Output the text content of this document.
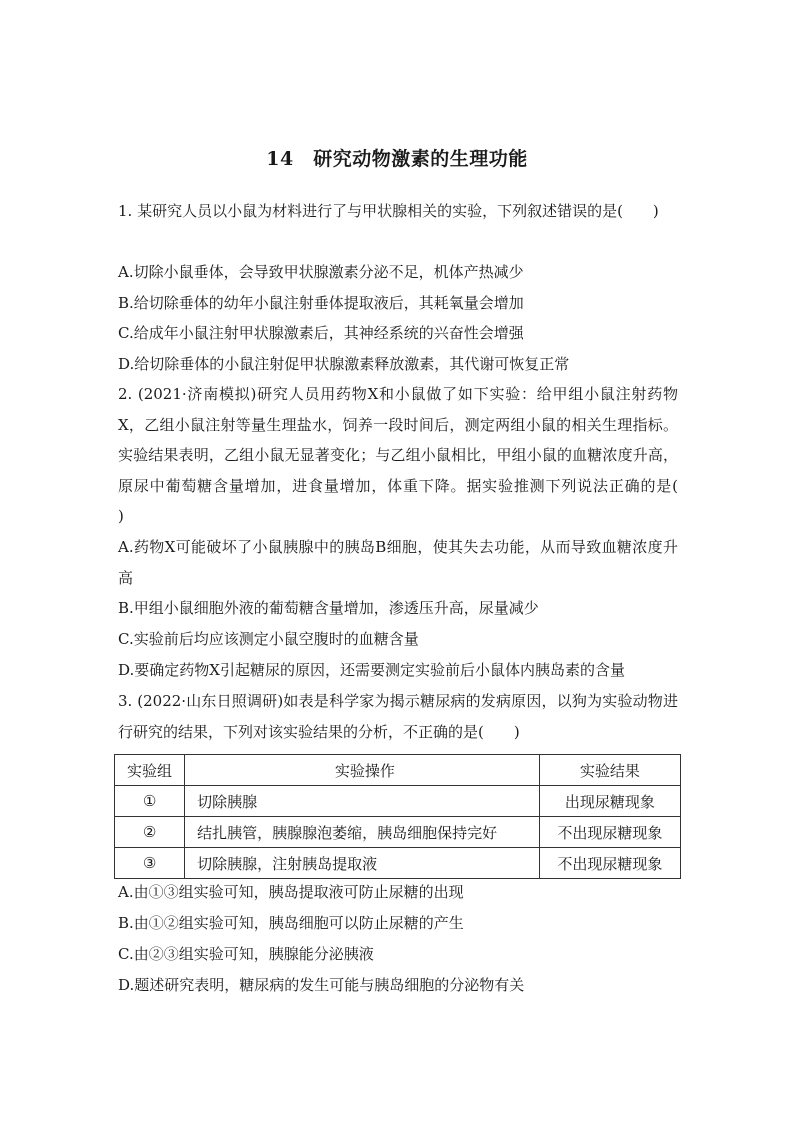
14　研究动物激素的生理功能

1. 某研究人员以小鼠为材料进行了与甲状腺相关的实验，下列叙述错误的是(　　)

A.切除小鼠垂体，会导致甲状腺激素分泌不足，机体产热减少
B.给切除垂体的幼年小鼠注射垂体提取液后，其耗氧量会增加
C.给成年小鼠注射甲状腺激素后，其神经系统的兴奋性会增强
D.给切除垂体的小鼠注射促甲状腺激素释放激素，其代谢可恢复正常

2. (2021·济南模拟)研究人员用药物X和小鼠做了如下实验：给甲组小鼠注射药物X，乙组小鼠注射等量生理盐水，饲养一段时间后，测定两组小鼠的相关生理指标。实验结果表明，乙组小鼠无显著变化；与乙组小鼠相比，甲组小鼠的血糖浓度升高，原尿中葡萄糖含量增加，进食量增加，体重下降。据实验推测下列说法正确的是(　　)

A.药物X可能破坏了小鼠胰腺中的胰岛B细胞，使其失去功能，从而导致血糖浓度升高
B.甲组小鼠细胞外液的葡萄糖含量增加，渗透压升高，尿量减少
C.实验前后均应该测定小鼠空腹时的血糖含量
D.要确定药物X引起糖尿的原因，还需要测定实验前后小鼠体内胰岛素的含量

3. (2022·山东日照调研)如表是科学家为揭示糖尿病的发病原因，以狗为实验动物进行研究的结果，下列对该实验结果的分析，不正确的是(　　)

实验组	实验操作	实验结果
①	切除胰腺	出现尿糖现象
②	结扎胰管，胰腺腺泡萎缩，胰岛细胞保持完好	不出现尿糖现象
③	切除胰腺，注射胰岛提取液	不出现尿糖现象
A.由①③组实验可知，胰岛提取液可防止尿糖的出现
B.由①②组实验可知，胰岛细胞可以防止尿糖的产生
C.由②③组实验可知，胰腺能分泌胰液
D.题述研究表明，糖尿病的发生可能与胰岛细胞的分泌物有关
